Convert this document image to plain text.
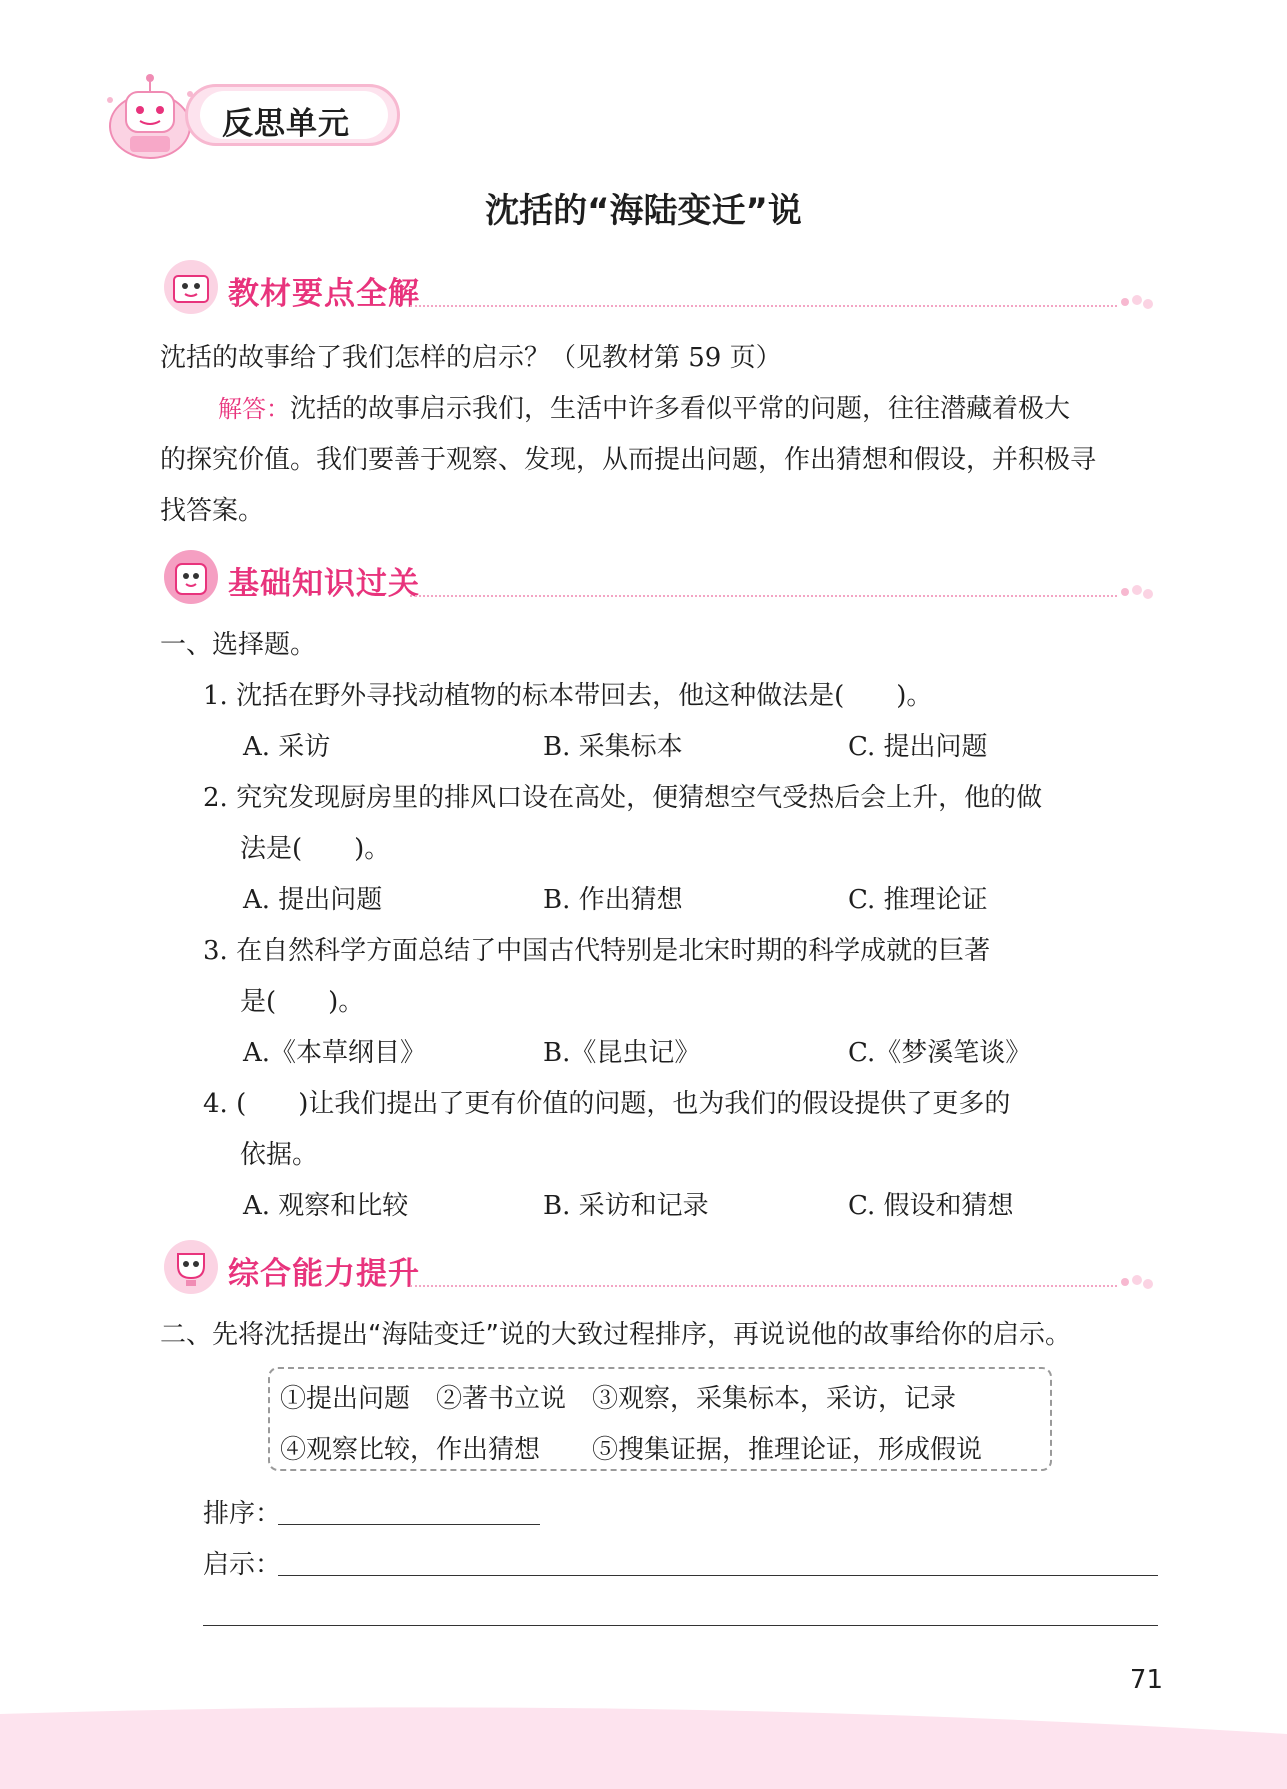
反思单元
沈括的“海陆变迁”说
教材要点全解
沈括的故事给了我们怎样的启示？（见教材第 59 页）
解答：沈括的故事启示我们，生活中许多看似平常的问题，往往潜藏着极大
的探究价值。我们要善于观察、发现，从而提出问题，作出猜想和假设，并积极寻
找答案。
基础知识过关
一、选择题。
1. 沈括在野外寻找动植物的标本带回去，他这种做法是(　　)。
A. 采访	B. 采集标本	C. 提出问题
2. 究究发现厨房里的排风口设在高处，便猜想空气受热后会上升，他的做
法是(　　)。
A. 提出问题	B. 作出猜想	C. 推理论证
3. 在自然科学方面总结了中国古代特别是北宋时期的科学成就的巨著
是(　　)。
A.《本草纲目》	B.《昆虫记》	C.《梦溪笔谈》
4. (　　)让我们提出了更有价值的问题，也为我们的假设提供了更多的
依据。
A. 观察和比较	B. 采访和记录	C. 假设和猜想
综合能力提升
二、先将沈括提出“海陆变迁”说的大致过程排序，再说说他的故事给你的启示。
①提出问题　②著书立说　③观察，采集标本，采访，记录
④观察比较，作出猜想　　⑤搜集证据，推理论证，形成假说
排序：
启示：
71
